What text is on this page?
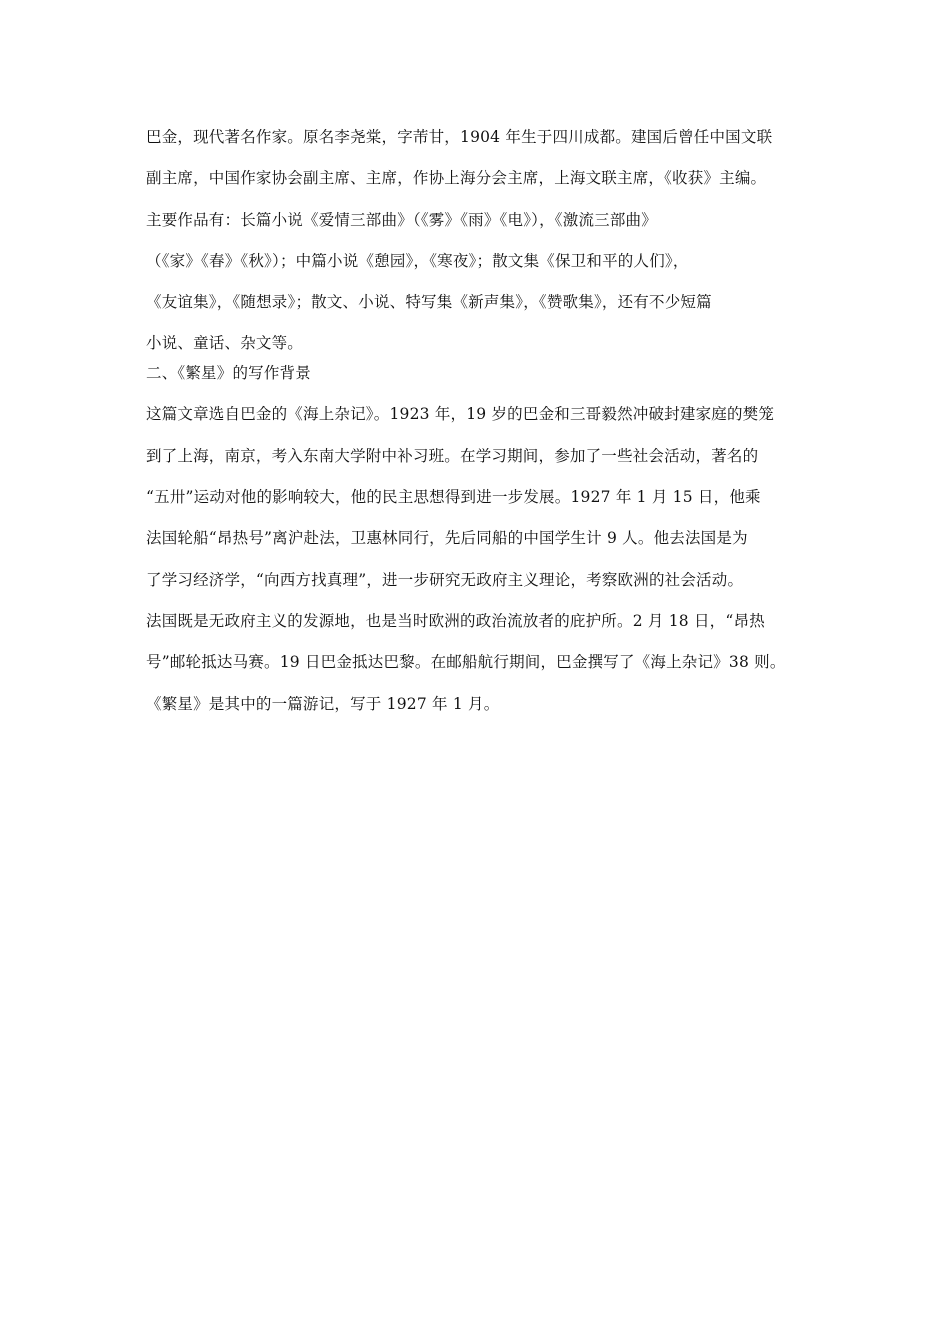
巴金，现代著名作家。原名李尧棠，字芾甘，1904 年生于四川成都。建国后曾任中国文联
副主席，中国作家协会副主席、主席，作协上海分会主席，上海文联主席，《收获》主编。
主要作品有：长篇小说《爱情三部曲》（《雾》《雨》《电》），《激流三部曲》
（《家》《春》《秋》）；中篇小说《憩园》，《寒夜》；散文集《保卫和平的人们》，
《友谊集》，《随想录》；散文、小说、特写集《新声集》，《赞歌集》，还有不少短篇
小说、童话、杂文等。
二、《繁星》的写作背景
这篇文章选自巴金的《海上杂记》。1923 年，19 岁的巴金和三哥毅然冲破封建家庭的樊笼
到了上海，南京，考入东南大学附中补习班。在学习期间，参加了一些社会活动，著名的
“五卅”运动对他的影响较大，他的民主思想得到进一步发展。1927 年 1 月 15 日，他乘
法国轮船“昂热号”离沪赴法，卫惠林同行，先后同船的中国学生计 9 人。他去法国是为
了学习经济学，“向西方找真理”，进一步研究无政府主义理论，考察欧洲的社会活动。
法国既是无政府主义的发源地，也是当时欧洲的政治流放者的庇护所。2 月 18 日，“昂热
号”邮轮抵达马赛。19 日巴金抵达巴黎。在邮船航行期间，巴金撰写了《海上杂记》38 则。
《繁星》是其中的一篇游记，写于 1927 年 1 月。
